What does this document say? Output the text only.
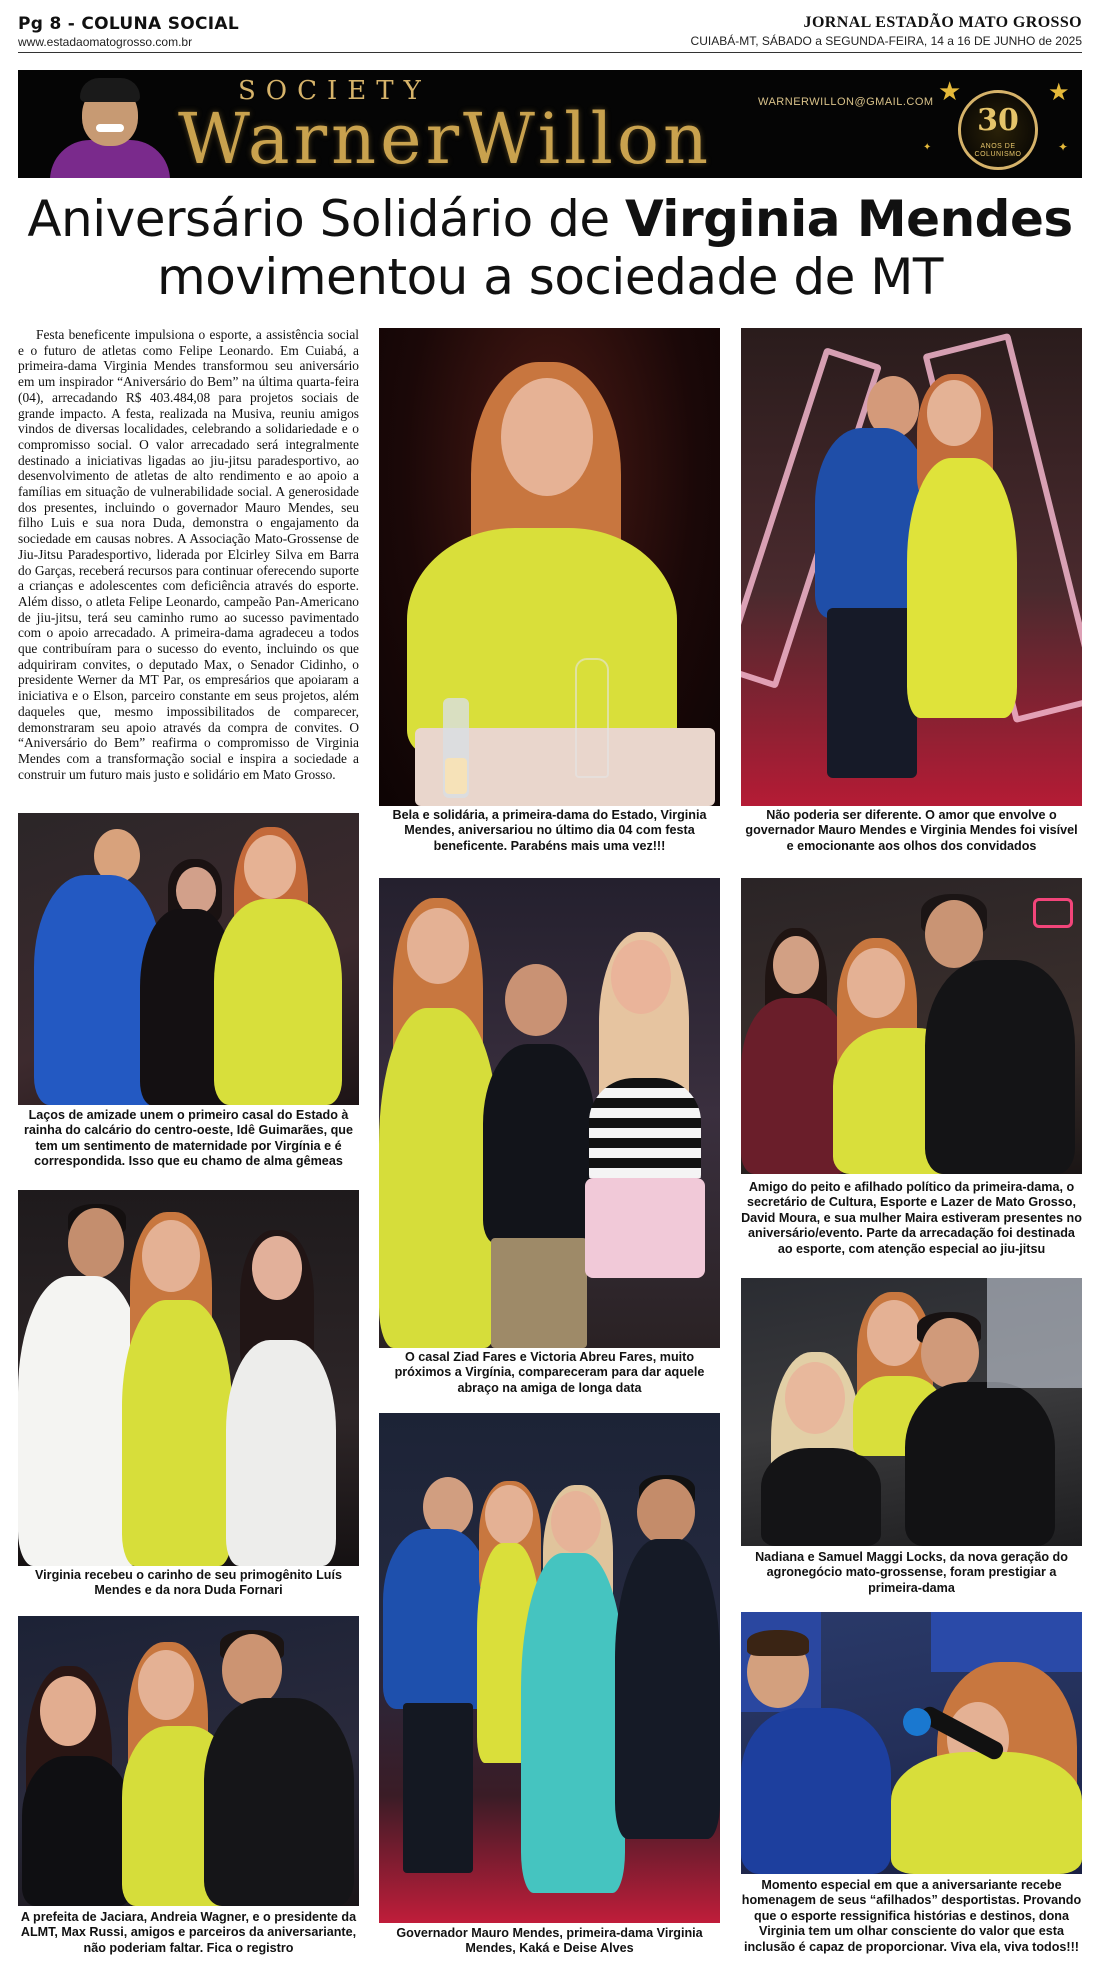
Pg 8 - COLUNA SOCIAL
www.estadaomatogrosso.com.br
JORNAL ESTADÃO MATO GROSSO
CUIABÁ-MT, SÁBADO a SEGUNDA-FEIRA, 14 a 16 DE JUNHO de 2025
SOCIETY
WarnerWillon	WARNERWILLON@GMAIL.COM ★	★
✦
✦
30
ANOS DE COLUNISMO
Aniversário Solidário de Virginia Mendes
movimentou a sociedade de MT
Festa beneficente impulsiona o esporte, a assistência social e o futuro de atletas como Felipe Leonardo. Em Cuiabá, a primeira-dama Virginia Mendes transformou seu aniversário em um inspirador “Aniversário do Bem” na última quarta-feira (04), arrecadando R$ 403.484,08 para projetos sociais de grande impacto. A festa, realizada na Musiva, reuniu amigos vindos de diversas localidades, celebrando a solidariedade e o compromisso social. O valor arrecadado será integralmente destinado a iniciativas ligadas ao jiu-jitsu paradesportivo, ao desenvolvimento de atletas de alto rendimento e ao apoio a famílias em situação de vulnerabilidade social. A generosidade dos presentes, incluindo o governador Mauro Mendes, seu filho Luis e sua nora Duda, demonstra o engajamento da sociedade em causas nobres. A Associação Mato-Grossense de Jiu-Jitsu Paradesportivo, liderada por Elcirley Silva em Barra do Garças, receberá recursos para continuar oferecendo suporte a crianças e adolescentes com deficiência através do esporte. Além disso, o atleta Felipe Leonardo, campeão Pan-Americano de jiu-jitsu, terá seu caminho rumo ao sucesso pavimentado com o apoio arrecadado. A primeira-dama agradeceu a todos que contribuíram para o sucesso do evento, incluindo os que adquiriram convites, o deputado Max, o Senador Cidinho, o presidente Werner da MT Par, os empresários que apoiaram a iniciativa e o Elson, parceiro constante em seus projetos, além daqueles que, mesmo impossibilitados de comparecer, demonstraram seu apoio através da compra de convites. O “Aniversário do Bem” reafirma o compromisso de Virginia Mendes com a transformação social e inspira a sociedade a construir um futuro mais justo e solidário em Mato Grosso.
Bela e solidária, a primeira-dama do Estado, Virginia Mendes, aniversariou no último dia 04 com festa beneficente. Parabéns mais uma vez!!!
Não poderia ser diferente. O amor que envolve o governador Mauro Mendes e Virginia Mendes foi visível e emocionante aos olhos dos convidados
Laços de amizade unem o primeiro casal do Estado à rainha do calcário do centro-oeste, Idê Guimarães, que tem um sentimento de maternidade por Virgínia e é correspondida. Isso que eu chamo de alma gêmeas
O casal Ziad Fares e Victoria Abreu Fares, muito próximos a Virgínia, compareceram para dar aquele abraço na amiga de longa data
Amigo do peito e afilhado político da primeira-dama, o secretário de Cultura, Esporte e Lazer de Mato Grosso, David Moura, e sua mulher Maira estiveram presentes no aniversário/evento. Parte da arrecadação foi destinada ao esporte, com atenção especial ao jiu-jitsu
Virginia recebeu o carinho de seu primogênito Luís Mendes e da nora Duda Fornari
Nadiana e Samuel Maggi Locks, da nova geração do agronegócio mato-grossense, foram prestigiar a primeira-dama
Governador Mauro Mendes, primeira-dama Virginia Mendes, Kaká e Deise Alves
A prefeita de Jaciara, Andreia Wagner, e o presidente da ALMT, Max Russi, amigos e parceiros da aniversariante, não poderiam faltar. Fica o registro
Momento especial em que a aniversariante recebe homenagem de seus “afilhados” desportistas. Provando que o esporte ressignifica histórias e destinos, dona Virginia tem um olhar consciente do valor que esta inclusão é capaz de proporcionar. Viva ela, viva todos!!!
